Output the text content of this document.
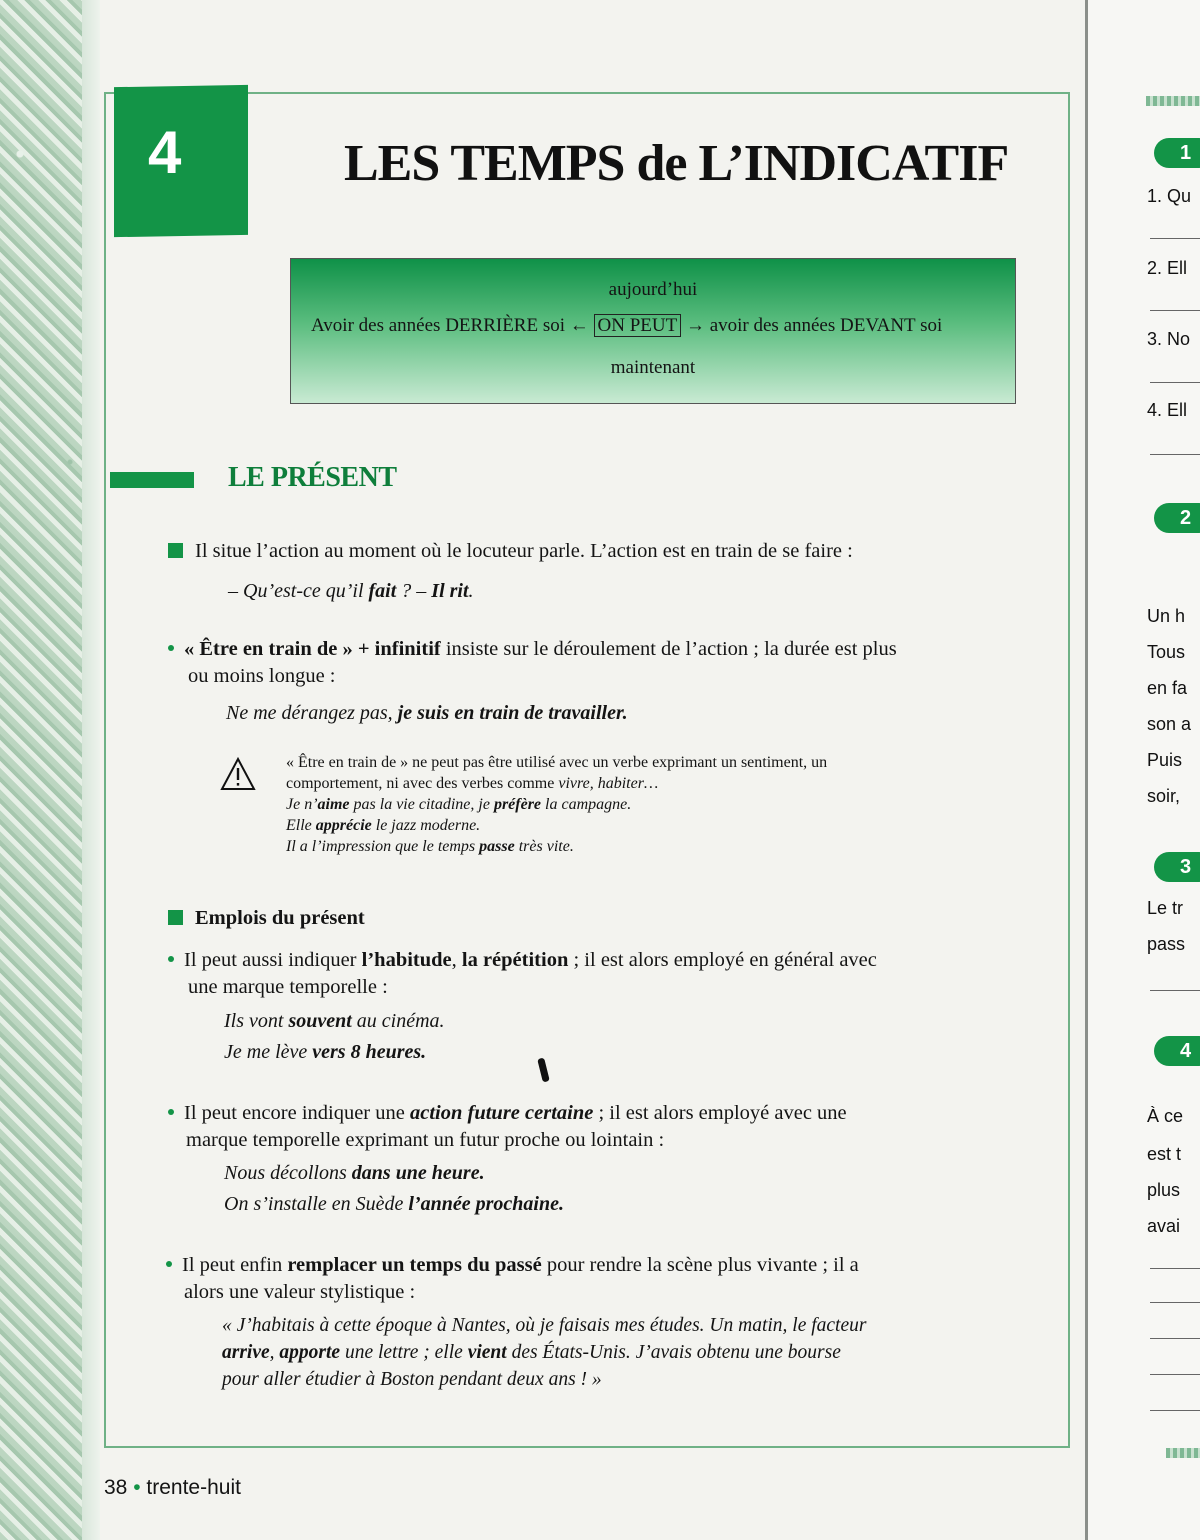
4	LES TEMPS de L’INDICATIF
aujourd’hui
Avoir des années DERRIÈRE soi ← ON PEUT → avoir des années DEVANT soi
maintenant
LE PRÉSENT
Il situe l’action au moment où le locuteur parle. L’action est en train de se faire :
– Qu’est-ce qu’il fait ? – Il rit.
« Être en train de » + infinitif insiste sur le déroulement de l’action ; la durée est plus
ou moins longue :
Ne me dérangez pas, je suis en train de travailler.
« Être en train de » ne peut pas être utilisé avec un verbe exprimant un sentiment, un
comportement, ni avec des verbes comme vivre, habiter…
Je n’aime pas la vie citadine, je préfère la campagne.
Elle apprécie le jazz moderne.
Il a l’impression que le temps passe très vite.
Emplois du présent
Il peut aussi indiquer l’habitude, la répétition ; il est alors employé en général avec
une marque temporelle :
Ils vont souvent au cinéma.
Je me lève vers 8 heures.
Il peut encore indiquer une action future certaine ; il est alors employé avec une
marque temporelle exprimant un futur proche ou lointain :
Nous décollons dans une heure.
On s’installe en Suède l’année prochaine.
Il peut enfin remplacer un temps du passé pour rendre la scène plus vivante ; il a
alors une valeur stylistique :
« J’habitais à cette époque à Nantes, où je faisais mes études. Un matin, le facteur
arrive, apporte une lettre ; elle vient des États-Unis. J’avais obtenu une bourse
pour aller étudier à Boston pendant deux ans ! »
38 • trente-huit
1
1. Qu
2. Ell
3. No
4. Ell
2
Un h
Tous
en fa
son a
Puis
soir,
3
Le tr
pass
4
À ce
est t
plus
avai
